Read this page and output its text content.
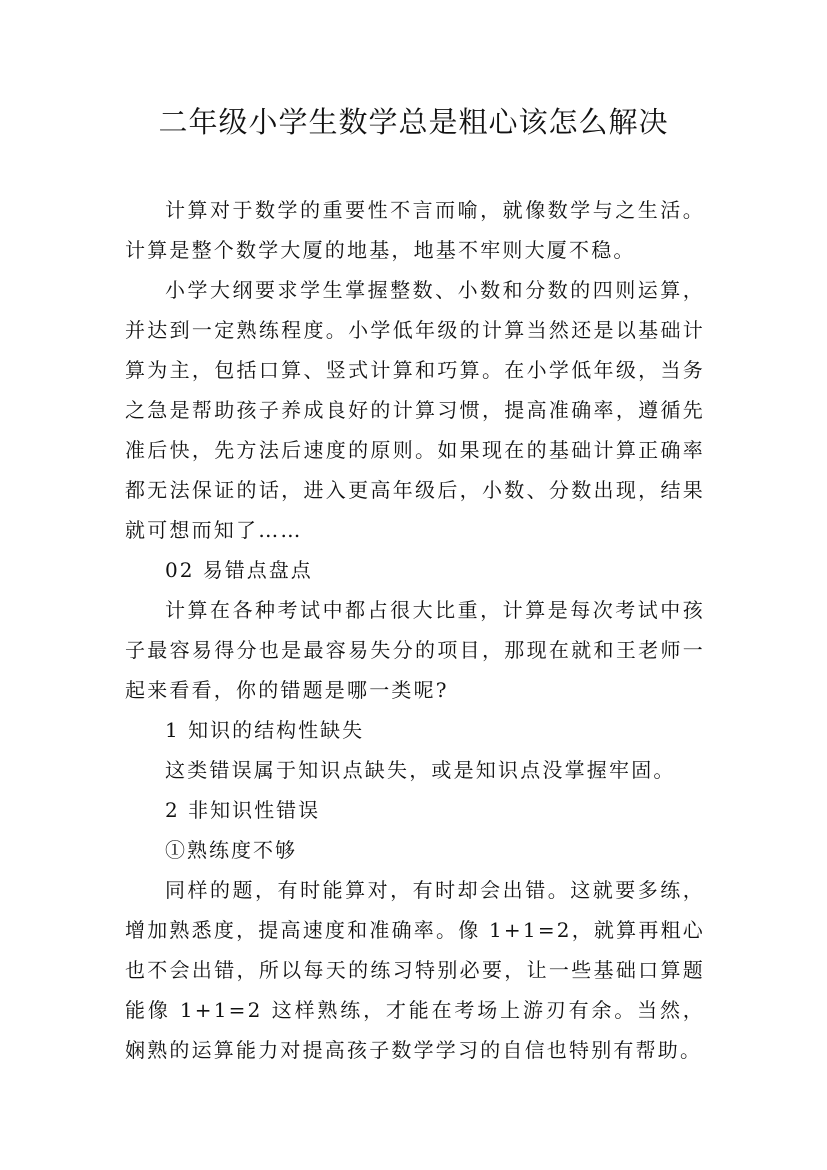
二年级小学生数学总是粗心该怎么解决

计算对于数学的重要性不言而喻，就像数学与之生活。计算是整个数学大厦的地基，地基不牢则大厦不稳。

小学大纲要求学生掌握整数、小数和分数的四则运算，并达到一定熟练程度。小学低年级的计算当然还是以基础计算为主，包括口算、竖式计算和巧算。在小学低年级，当务之急是帮助孩子养成良好的计算习惯，提高准确率，遵循先准后快，先方法后速度的原则。如果现在的基础计算正确率都无法保证的话，进入更高年级后，小数、分数出现，结果就可想而知了……

02 易错点盘点

计算在各种考试中都占很大比重，计算是每次考试中孩子最容易得分也是最容易失分的项目，那现在就和王老师一起来看看，你的错题是哪一类呢?

1 知识的结构性缺失

这类错误属于知识点缺失，或是知识点没掌握牢固。

2 非知识性错误

①熟练度不够

同样的题，有时能算对，有时却会出错。这就要多练，增加熟悉度，提高速度和准确率。像 1+1=2，就算再粗心也不会出错，所以每天的练习特别必要，让一些基础口算题能像 1+1=2 这样熟练，才能在考场上游刃有余。当然，娴熟的运算能力对提高孩子数学学习的自信也特别有帮助。
